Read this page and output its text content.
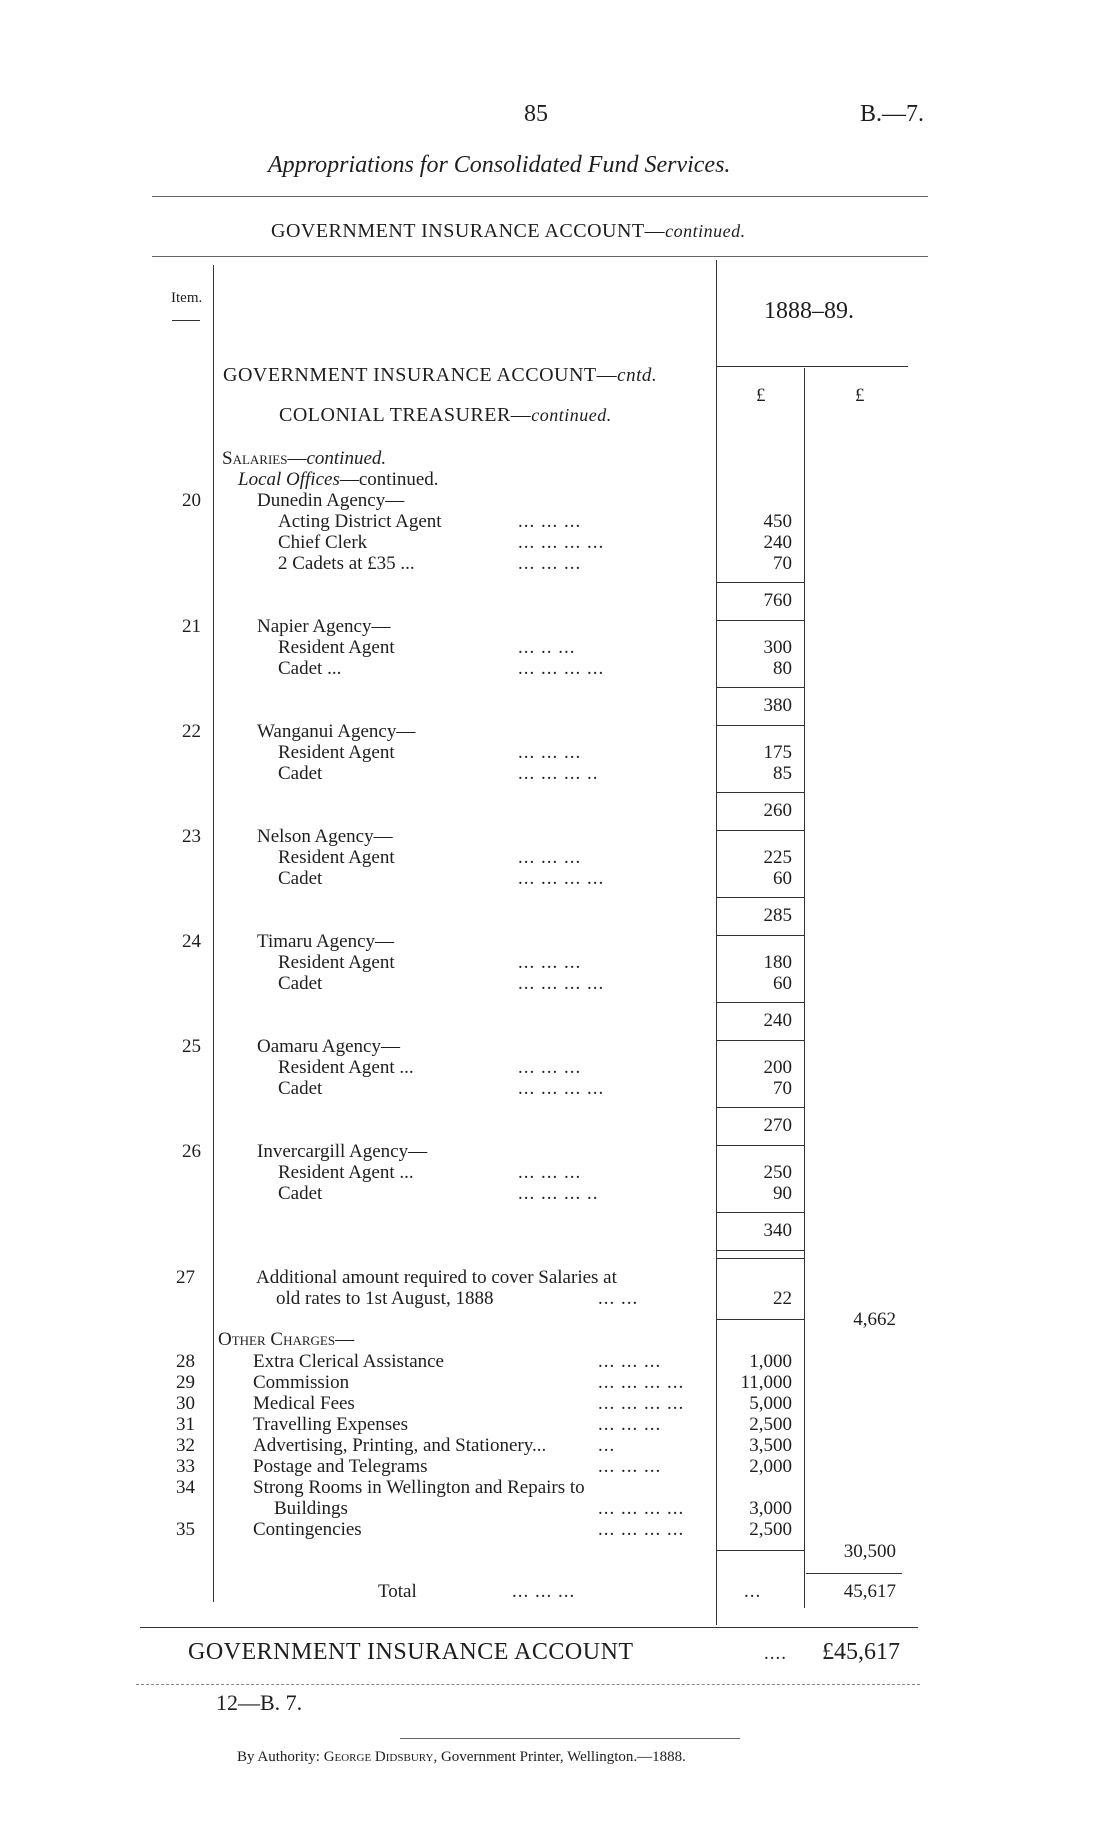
85	B.—7.
Appropriations for Consolidated Fund Services.
GOVERNMENT INSURANCE ACCOUNT—continued.
Item.	1888–89.
£	£
GOVERNMENT INSURANCE ACCOUNT—cntd.
COLONIAL TREASURER—continued.
Salaries—continued.
Local Offices—continued.
20	Dunedin Agency—
Acting District Agent	... ... ...	450
Chief Clerk	... ... ... ...	240
2 Cadets at £35 ...	... ... ...	70
760
21	Napier Agency—
Resident Agent	... .. ...	300
Cadet ...	... ... ... ...	80
380
22	Wanganui Agency—
Resident Agent	... ... ...	175
Cadet	... ... ... ..	85
260
23	Nelson Agency—
Resident Agent	... ... ...	225
Cadet	... ... ... ...	60
285
24	Timaru Agency—
Resident Agent	... ... ...	180
Cadet	... ... ... ...	60
240
25	Oamaru Agency—
Resident Agent ...	... ... ...	200
Cadet	... ... ... ...	70
270
26	Invercargill Agency—
Resident Agent ...	... ... ...	250
Cadet	... ... ... ..	90
340
27	Additional amount required to cover Salaries at
old rates to 1st August, 1888	... ...	22
4,662
Other Charges—
28	Extra Clerical Assistance	... ... ...	1,000
29	Commission	... ... ... ...	11,000
30	Medical Fees	... ... ... ...	5,000
31	Travelling Expenses	... ... ...	2,500
32	Advertising, Printing, and Stationery...	...	3,500
33	Postage and Telegrams	... ... ...	2,000
34	Strong Rooms in Wellington and Repairs to
Buildings	... ... ... ...	3,000
35	Contingencies	... ... ... ...	2,500
30,500
Total	... ... ...	...	45,617
GOVERNMENT INSURANCE ACCOUNT	.... £45,617
12—B. 7.
By Authority: George Didsbury, Government Printer, Wellington.—1888.
